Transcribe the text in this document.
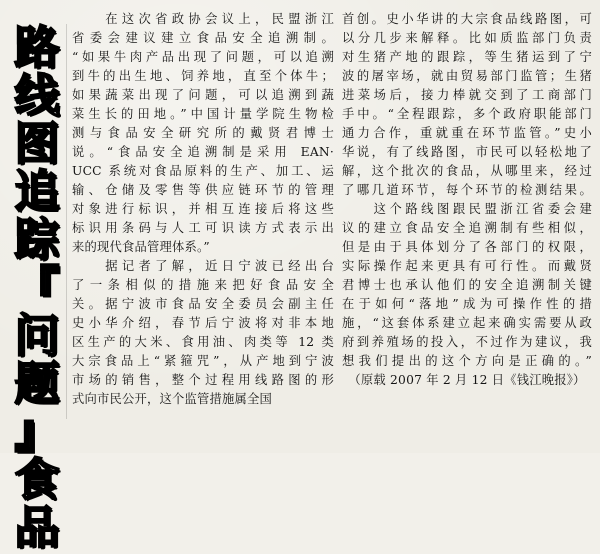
路
线
图
追
踪
『
问
题
』
食
品
　　在这次省政协会议上，民盟浙江
省委会建议建立食品安全追溯制。
“如果牛肉产品出现了问题，可以追溯
到牛的出生地、饲养地，直至个体牛；
如果蔬菜出现了问题，可以追溯到蔬
菜生长的田地。”中国计量学院生物检
测与食品安全研究所的戴贤君博士
说。“食品安全追溯制是采用 EAN·
UCC 系统对食品原料的生产、加工、运
输、仓储及零售等供应链环节的管理
对象进行标识，并相互连接后将这些
标识用条码与人工可识读方式表示出
来的现代食品管理体系。”
　　据记者了解，近日宁波已经出台
了一条相似的措施来把好食品安全
关。据宁波市食品安全委员会副主任
史小华介绍，春节后宁波将对非本地
区生产的大米、食用油、肉类等 12 类
大宗食品上“紧箍咒”，从产地到宁波
市场的销售，整个过程用线路图的形
式向市民公开，这个监管措施属全国
首创。史小华讲的大宗食品线路图，可
以分几步来解释。比如质监部门负责
对生猪产地的跟踪，等生猪运到了宁
波的屠宰场，就由贸易部门监管；生猪
进菜场后，接力棒就交到了工商部门
手中。“全程跟踪，多个政府职能部门
通力合作，重就重在环节监管。”史小
华说，有了线路图，市民可以轻松地了
解，这个批次的食品，从哪里来，经过
了哪几道环节，每个环节的检测结果。
　　这个路线图跟民盟浙江省委会建
议的建立食品安全追溯制有些相似，
但是由于具体划分了各部门的权限，
实际操作起来更具有可行性。而戴贤
君博士也承认他们的安全追溯制关键
在于如何“落地”成为可操作性的措
施，“这套体系建立起来确实需要从政
府到养殖场的投入，不过作为建议，我
想我们提出的这个方向是正确的。”
（原载 2007 年 2 月 12 日《钱江晚报》）
